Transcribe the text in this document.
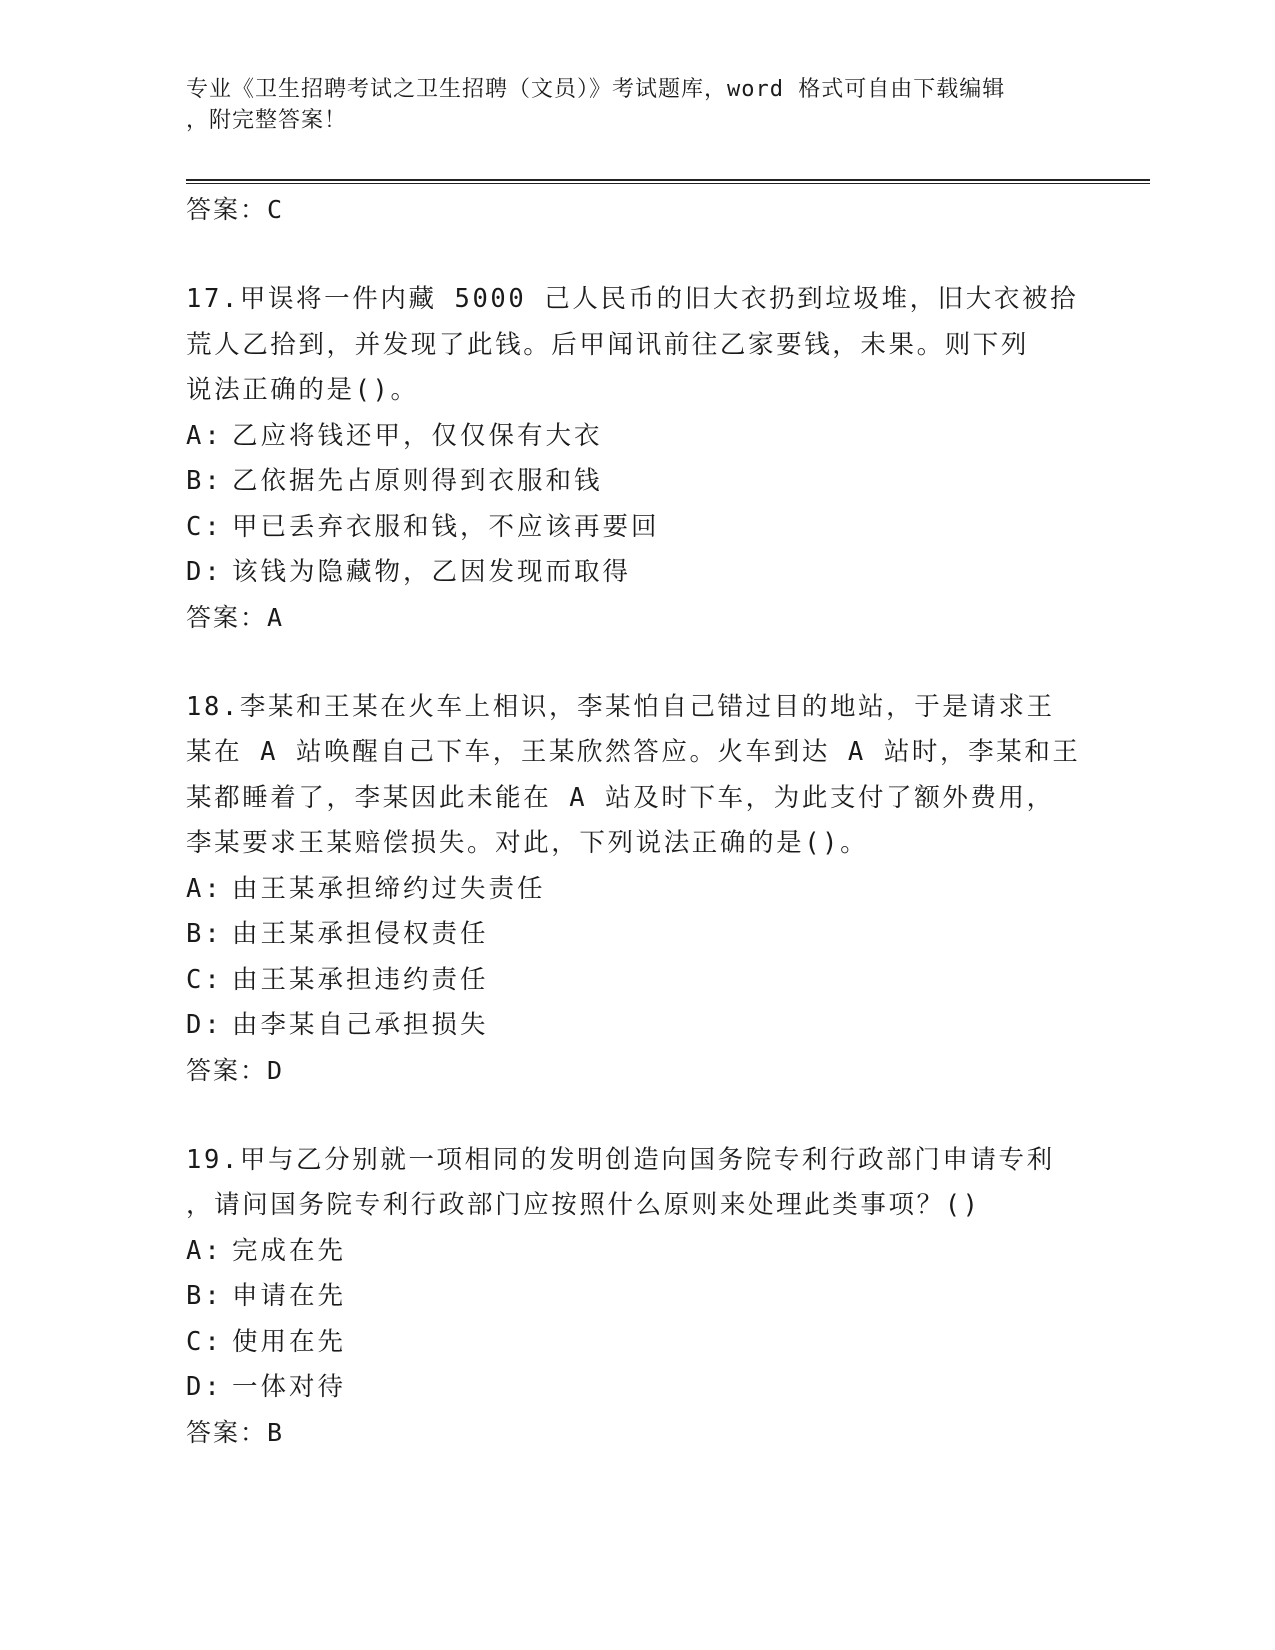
专业《卫生招聘考试之卫生招聘（文员）》考试题库，word 格式可自由下载编辑
，附完整答案！
答案：C
17.甲误将一件内藏 5000 己人民币的旧大衣扔到垃圾堆，旧大衣被拾
荒人乙拾到，并发现了此钱。后甲闻讯前往乙家要钱，未果。则下列
说法正确的是()。
A: 乙应将钱还甲，仅仅保有大衣
B: 乙依据先占原则得到衣服和钱
C: 甲已丢弃衣服和钱，不应该再要回
D: 该钱为隐藏物，乙因发现而取得
答案：A
18.李某和王某在火车上相识，李某怕自己错过目的地站，于是请求王
某在 A 站唤醒自己下车，王某欣然答应。火车到达 A 站时，李某和王
某都睡着了，李某因此未能在 A 站及时下车，为此支付了额外费用，
李某要求王某赔偿损失。对此，下列说法正确的是()。
A: 由王某承担缔约过失责任
B: 由王某承担侵权责任
C: 由王某承担违约责任
D: 由李某自己承担损失
答案：D
19.甲与乙分别就一项相同的发明创造向国务院专利行政部门申请专利
，请问国务院专利行政部门应按照什么原则来处理此类事项？()
A: 完成在先
B: 申请在先
C: 使用在先
D: 一体对待
答案：B
